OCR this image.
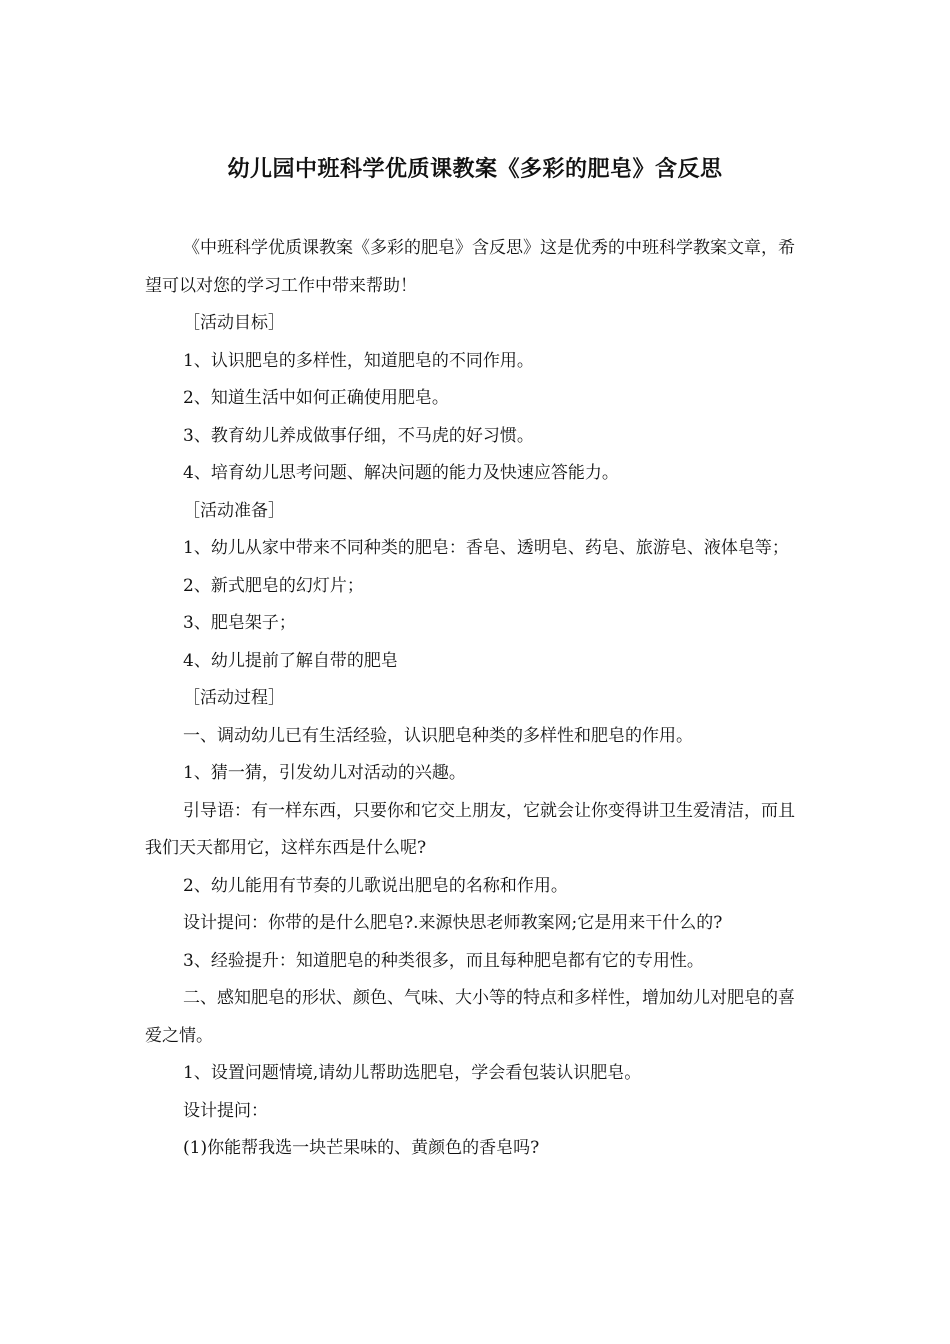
幼儿园中班科学优质课教案《多彩的肥皂》含反思

《中班科学优质课教案《多彩的肥皂》含反思》这是优秀的中班科学教案文章，希望可以对您的学习工作中带来帮助！

［活动目标］

1、认识肥皂的多样性，知道肥皂的不同作用。

2、知道生活中如何正确使用肥皂。

3、教育幼儿养成做事仔细，不马虎的好习惯。

4、培育幼儿思考问题、解决问题的能力及快速应答能力。

［活动准备］

1、幼儿从家中带来不同种类的肥皂：香皂、透明皂、药皂、旅游皂、液体皂等；

2、新式肥皂的幻灯片；

3、肥皂架子；

4、幼儿提前了解自带的肥皂

［活动过程］

一、调动幼儿已有生活经验，认识肥皂种类的多样性和肥皂的作用。

1、猜一猜，引发幼儿对活动的兴趣。

引导语：有一样东西，只要你和它交上朋友，它就会让你变得讲卫生爱清洁，而且我们天天都用它，这样东西是什么呢?

2、幼儿能用有节奏的儿歌说出肥皂的名称和作用。

设计提问：你带的是什么肥皂?.来源快思老师教案网;它是用来干什么的?

3、经验提升：知道肥皂的种类很多，而且每种肥皂都有它的专用性。

二、感知肥皂的形状、颜色、气味、大小等的特点和多样性，增加幼儿对肥皂的喜爱之情。

1、设置问题情境,请幼儿帮助选肥皂，学会看包装认识肥皂。

设计提问：

(1)你能帮我选一块芒果味的、黄颜色的香皂吗?
